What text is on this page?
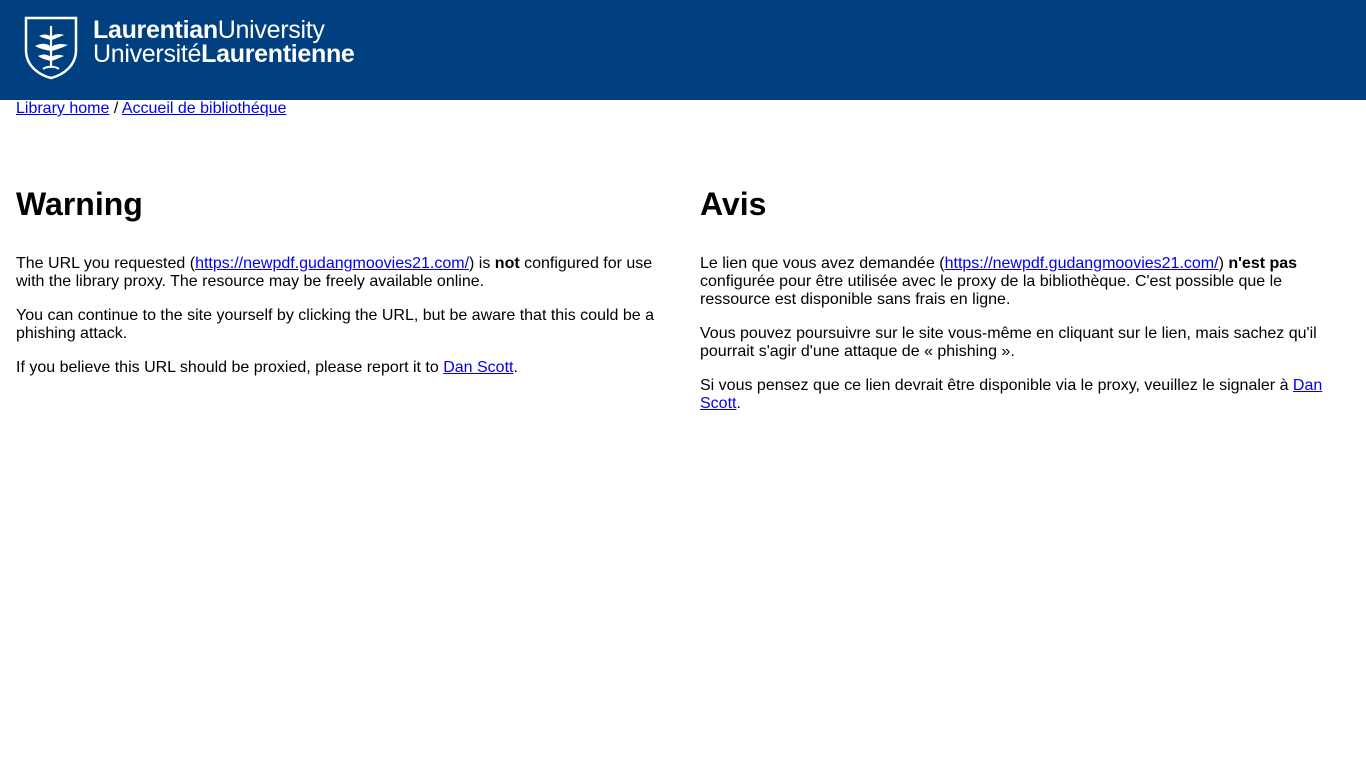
LaurentianUniversity
UniversitéLaurentienne
Library home / Accueil de bibliothéque
Warning

The URL you requested (https://newpdf.gudangmoovies21.com/) is not configured for use with the library proxy. The resource may be freely available online.

You can continue to the site yourself by clicking the URL, but be aware that this could be a phishing attack.

If you believe this URL should be proxied, please report it to Dan Scott.

Avis

Le lien que vous avez demandée (https://newpdf.gudangmoovies21.com/) n'est pas configurée pour être utilisée avec le proxy de la bibliothèque. C'est possible que le ressource est disponible sans frais en ligne.

Vous pouvez poursuivre sur le site vous-même en cliquant sur le lien, mais sachez qu'il pourrait s'agir d'une attaque de « phishing ».

Si vous pensez que ce lien devrait être disponible via le proxy, veuillez le signaler à Dan Scott.
